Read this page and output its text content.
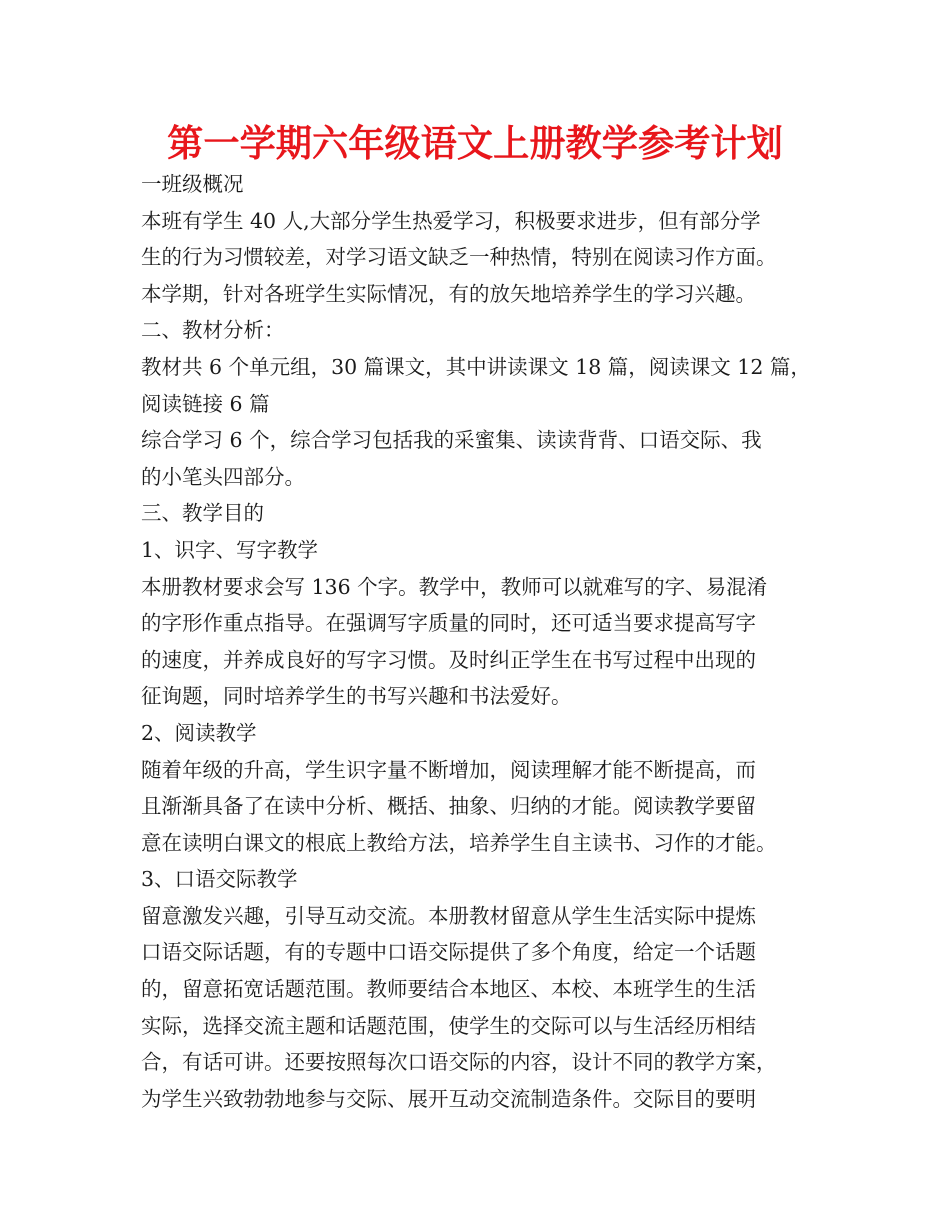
第一学期六年级语文上册教学参考计划
一班级概况
本班有学生 40 人,大部分学生热爱学习，积极要求进步，但有部分学
生的行为习惯较差，对学习语文缺乏一种热情，特别在阅读习作方面。
本学期，针对各班学生实际情况，有的放矢地培养学生的学习兴趣。
二、教材分析：
教材共 6 个单元组，30 篇课文，其中讲读课文 18 篇，阅读课文 12 篇，
阅读链接 6 篇
综合学习 6 个，综合学习包括我的采蜜集、读读背背、口语交际、我
的小笔头四部分。
三、教学目的
1、识字、写字教学
本册教材要求会写 136 个字。教学中，教师可以就难写的字、易混淆
的字形作重点指导。在强调写字质量的同时，还可适当要求提高写字
的速度，并养成良好的写字习惯。及时纠正学生在书写过程中出现的
征询题，同时培养学生的书写兴趣和书法爱好。
2、阅读教学
随着年级的升高，学生识字量不断增加，阅读理解才能不断提高，而
且渐渐具备了在读中分析、概括、抽象、归纳的才能。阅读教学要留
意在读明白课文的根底上教给方法，培养学生自主读书、习作的才能。
3、口语交际教学
留意激发兴趣，引导互动交流。本册教材留意从学生生活实际中提炼
口语交际话题，有的专题中口语交际提供了多个角度，给定一个话题
的，留意拓宽话题范围。教师要结合本地区、本校、本班学生的生活
实际，选择交流主题和话题范围，使学生的交际可以与生活经历相结
合，有话可讲。还要按照每次口语交际的内容，设计不同的教学方案，
为学生兴致勃勃地参与交际、展开互动交流制造条件。交际目的要明
